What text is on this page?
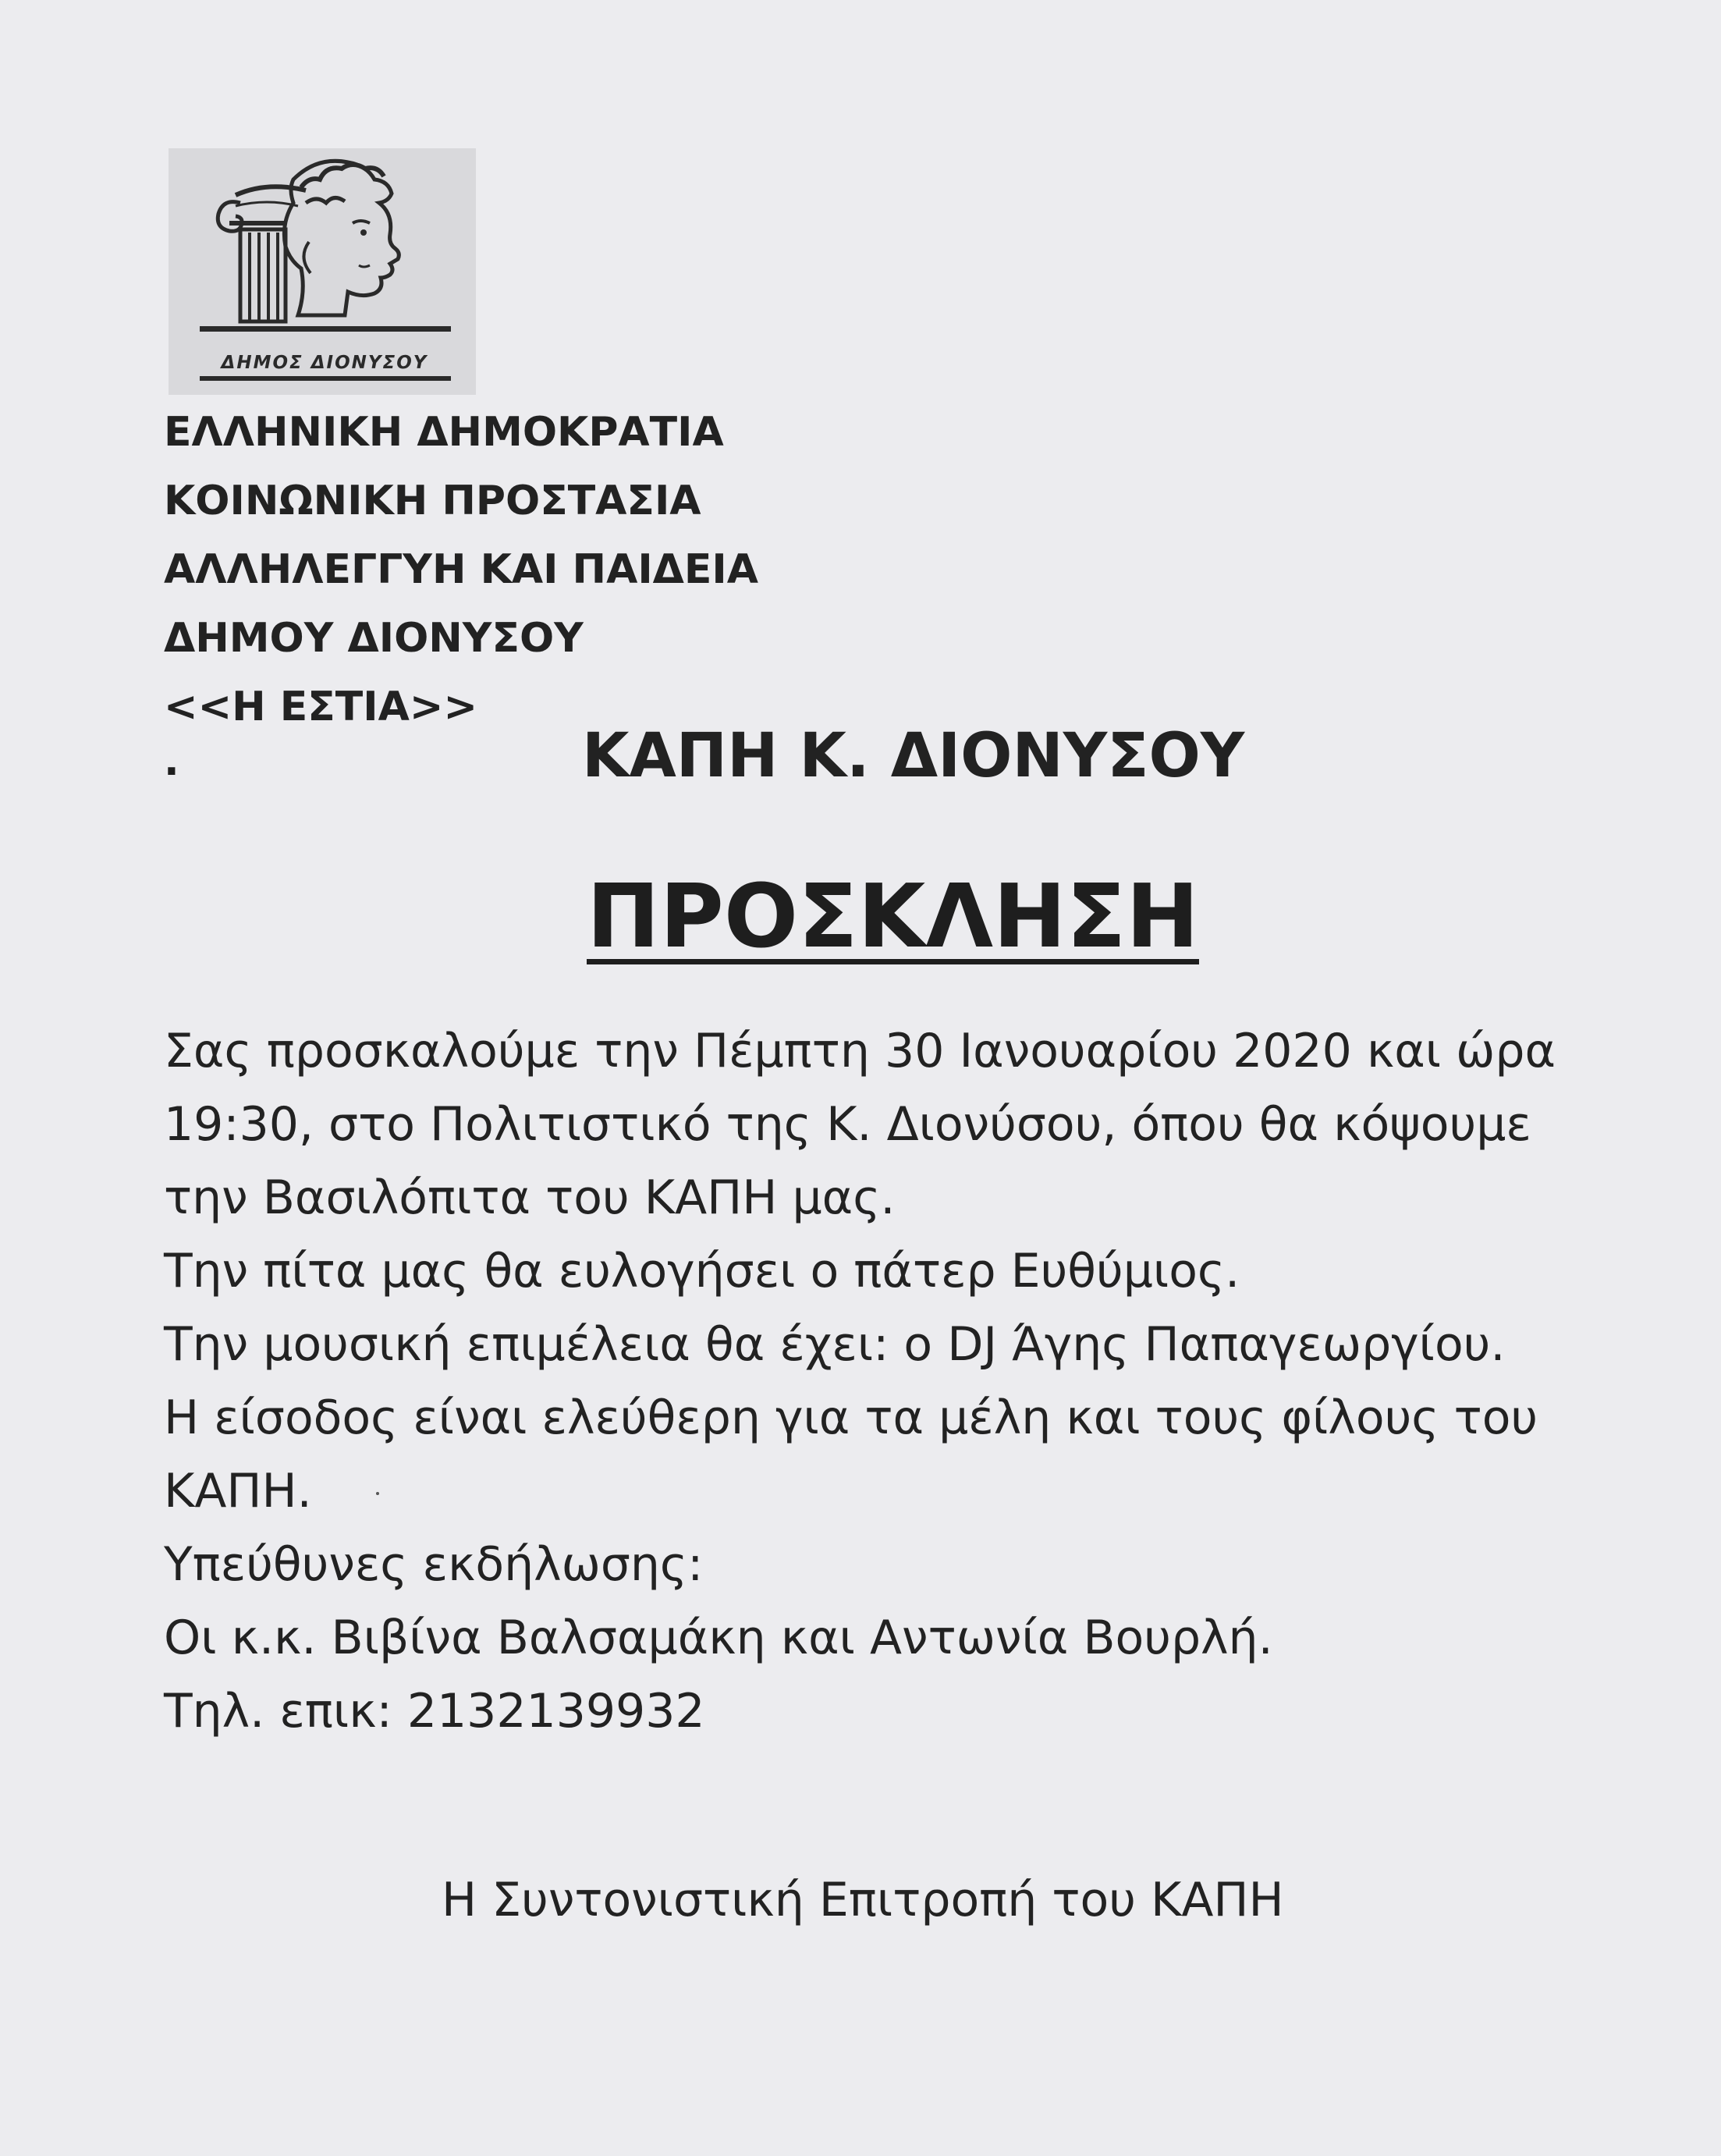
ΔΗΜΟΣ ΔΙΟΝΥΣΟΥ
ΕΛΛΗΝΙΚΗ ΔΗΜΟΚΡΑΤΙΑ
ΚΟΙΝΩΝΙΚΗ ΠΡΟΣΤΑΣΙΑ
ΑΛΛΗΛΕΓΓΥΗ ΚΑΙ ΠΑΙΔΕΙΑ
ΔΗΜΟΥ ΔΙΟΝΥΣΟΥ
<<Η ΕΣΤΙΑ>>
.	ΚΑΠΗ Κ. ΔΙΟΝΥΣΟΥ
ΠΡΟΣΚΛΗΣΗ
Σας προσκαλούμε την Πέμπτη 30 Ιανουαρίου 2020 και ώρα
19:30, στο Πολιτιστικό της Κ. Διονύσου, όπου θα κόψουμε
την Βασιλόπιτα του ΚΑΠΗ μας.
Την πίτα μας θα ευλογήσει ο πάτερ Ευθύμιος.
Την μουσική επιμέλεια θα έχει: ο DJ Άγης Παπαγεωργίου.
Η είσοδος είναι ελεύθερη για τα μέλη και τους φίλους του
ΚΑΠΗ.
Υπεύθυνες εκδήλωσης:
Οι κ.κ. Βιβίνα Βαλσαμάκη και Αντωνία Βουρλή.
Τηλ. επικ: 2132139932
Η Συντονιστική Επιτροπή του ΚΑΠΗ
